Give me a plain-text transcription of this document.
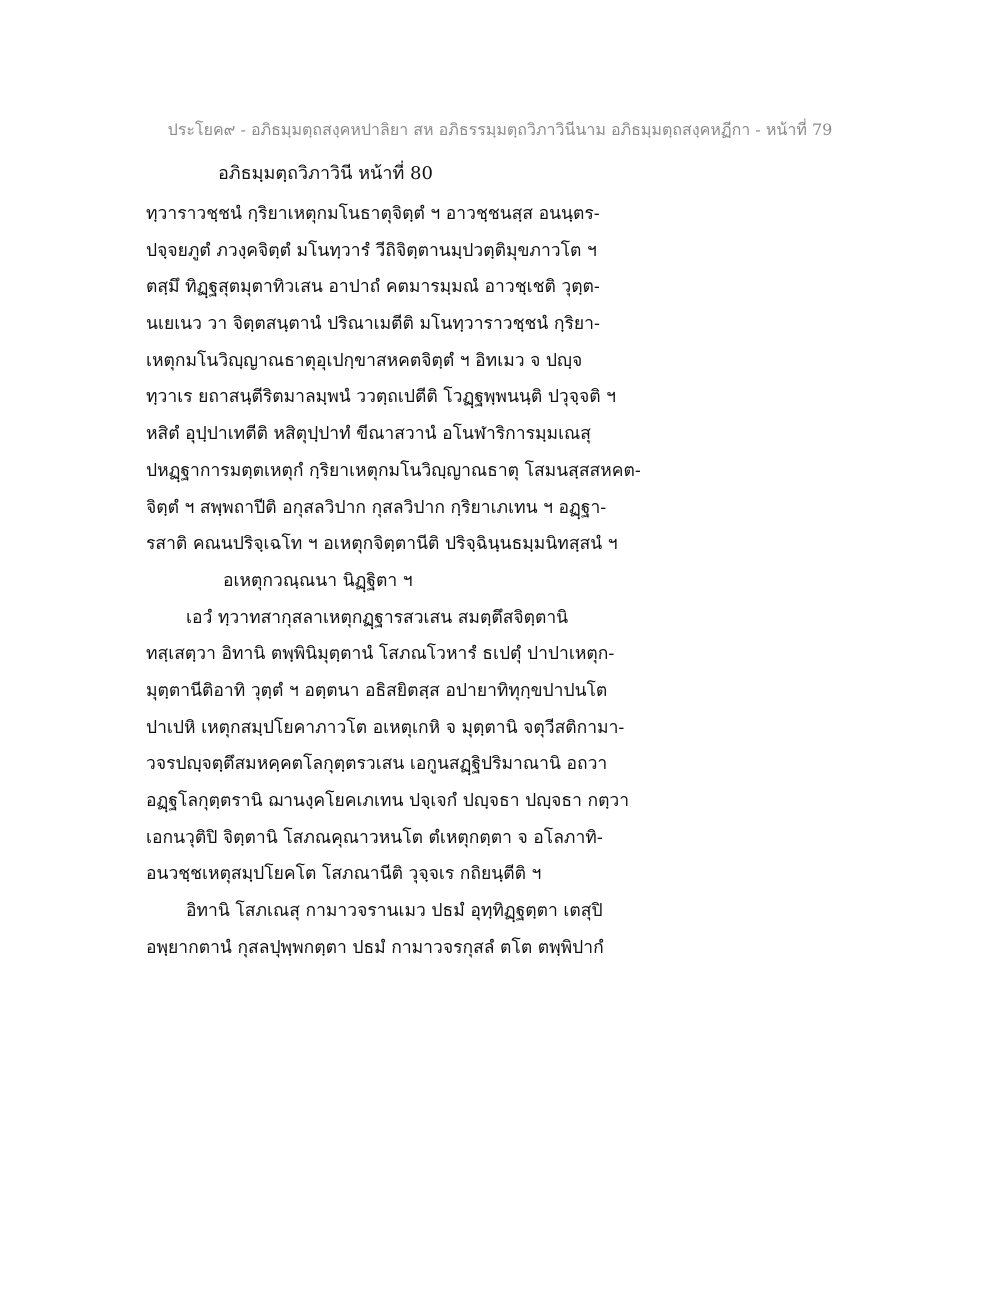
ประโยค๙ - อภิธมฺมตฺถสงฺคหปาลิยา สห อภิธรรมฺมตฺถวิภาวินีนาม อภิธมฺมตฺถสงฺคหฏีกา - หน้าที่ 79
อภิธมฺมตฺถวิภาวินี หน้าที่ 80
ทฺวาราวชฺชนํ กฺริยาเหตุกมโนธาตุจิตฺตํ ฯ อาวชฺชนสฺส อนนฺตร-
ปจฺจยภูตํ ภวงฺคจิตฺตํ มโนทฺวารํ วีถิจิตฺตานมฺปวตฺติมุขภาวโต ฯ
ตสฺมึ ทิฏฺฐสุตมุตาทิวเสน อาปาถํ คตมารมฺมณํ อาวชฺเชติ วุตฺต-
นเยเนว วา จิตฺตสนฺตานํ ปริณาเมตีติ มโนทฺวาราวชฺชนํ กฺริยา-
เหตุกมโนวิญฺญาณธาตุอุเปกฺขาสหคตจิตฺตํ ฯ อิทเมว จ ปญฺจ
ทฺวาเร ยถาสนฺตีริตมาลมฺพนํ ววตฺถเปตีติ โวฏฺฐพฺพนนฺติ ปวุจฺจติ ฯ
หสิตํ อุปฺปาเทตีติ หสิตุปฺปาทํ ขีณาสวานํ อโนฬาริการมฺมเณสุ
ปหฏฺฐาการมตฺตเหตุกํ กฺริยาเหตุกมโนวิญฺญาณธาตุ โสมนสฺสสหคต-
จิตฺตํ ฯ สพฺพถาปีติ อกุสลวิปาก กุสลวิปาก กฺริยาเภเทน ฯ อฏฺฐา-
รสาติ คณนปริจฺเฉโท ฯ อเหตุกจิตฺตานีติ ปริจฺฉินฺนธมฺมนิทสฺสนํ ฯ
อเหตุกวณฺณนา นิฏฺฐิตา ฯ
เอวํ ทฺวาทสากุสลาเหตุกฏฺฐารสวเสน สมตฺตึสจิตฺตานิ
ทสฺเสตฺวา อิทานิ ตพฺพินิมุตฺตานํ โสภณโวหารํ ธเปตุํ ปาปาเหตุก-
มุตฺตานีติอาทิ วุตฺตํ ฯ อตฺตนา อธิสยิตสฺส อปายาทิทุกฺขปาปนโต
ปาเปหิ เหตุกสมฺปโยคาภาวโต อเหตุเกหิ จ มุตฺตานิ จตุวีสติกามา-
วจรปญฺจตฺตึสมหคฺคตโลกุตฺตรวเสน เอกูนสฏฺฐิปริมาณานิ อถวา
อฏฺฐโลกุตฺตรานิ ฌานงฺคโยคเภเทน ปจฺเจกํ ปญฺจธา ปญฺจธา กตฺวา
เอกนวุติปิ จิตฺตานิ โสภณคุณาวหนโต ตํเหตุกตฺตา จ อโลภาทิ-
อนวชฺชเหตุสมฺปโยคโต โสภณานีติ วุจฺจเร กถิยนฺตีติ ฯ
อิทานิ โสภเณสุ กามาวจรานเมว ปธมํ อุทฺทิฏฺฐตฺตา เตสุปิ
อพฺยากตานํ กุสลปุพฺพกตฺตา ปธมํ กามาวจรกุสลํ ตโต ตพฺพิปากํ
